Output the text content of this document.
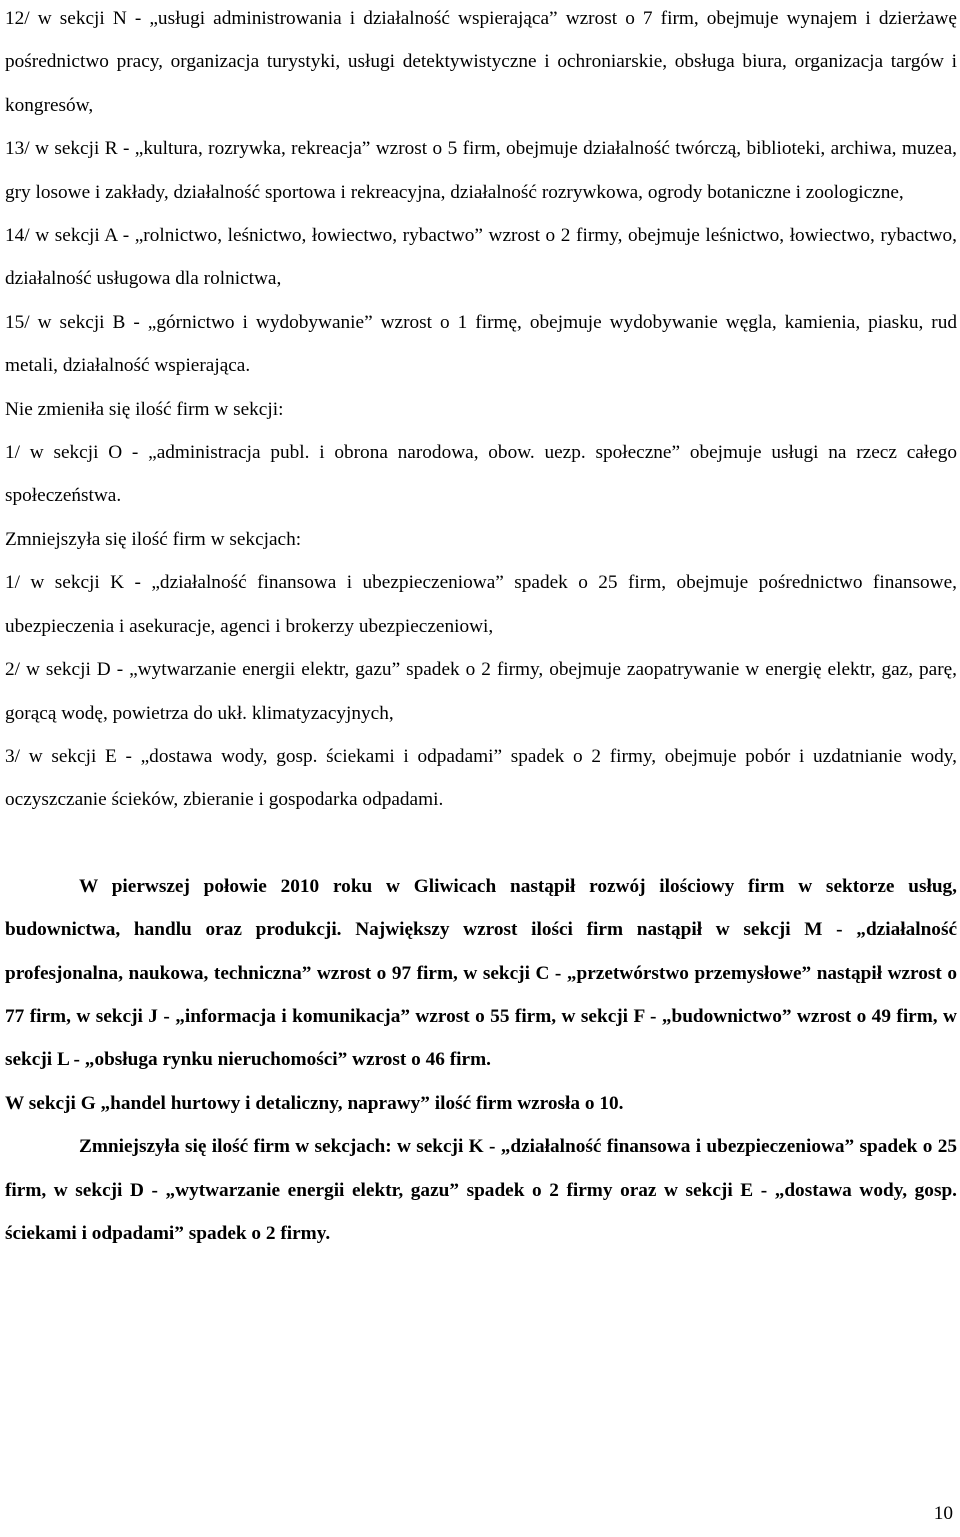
12/ w sekcji N - „usługi administrowania i działalność wspierająca” wzrost o 7 firm, obejmuje wynajem i dzierżawę pośrednictwo pracy, organizacja turystyki, usługi detektywistyczne i ochroniarskie, obsługa biura, organizacja targów i kongresów,

13/ w sekcji R - „kultura, rozrywka, rekreacja” wzrost o 5 firm, obejmuje działalność twórczą, biblioteki, archiwa, muzea, gry losowe i zakłady, działalność sportowa i rekreacyjna, działalność rozrywkowa, ogrody botaniczne i zoologiczne,

14/ w sekcji A - „rolnictwo, leśnictwo, łowiectwo, rybactwo” wzrost o 2 firmy, obejmuje leśnictwo, łowiectwo, rybactwo, działalność usługowa dla rolnictwa,

15/ w sekcji B - „górnictwo i wydobywanie” wzrost o 1 firmę, obejmuje wydobywanie węgla, kamienia, piasku, rud metali, działalność wspierająca.

Nie zmieniła się ilość firm w sekcji:

1/ w sekcji O - „administracja publ. i obrona narodowa, obow. uezp. społeczne” obejmuje usługi na rzecz całego społeczeństwa.

Zmniejszyła się ilość firm w sekcjach:

1/ w sekcji K - „działalność finansowa i ubezpieczeniowa” spadek o 25 firm, obejmuje pośrednictwo finansowe, ubezpieczenia i asekuracje, agenci i brokerzy ubezpieczeniowi,

2/ w sekcji D - „wytwarzanie energii elektr, gazu” spadek o 2 firmy, obejmuje zaopatrywanie w energię elektr, gaz, parę, gorącą wodę, powietrza do ukł. klimatyzacyjnych,

3/ w sekcji E - „dostawa wody, gosp. ściekami i odpadami” spadek o 2 firmy, obejmuje pobór i uzdatnianie wody, oczyszczanie ścieków, zbieranie i gospodarka odpadami.

W pierwszej połowie 2010 roku w Gliwicach nastąpił rozwój ilościowy firm w sektorze usług, budownictwa, handlu oraz produkcji. Największy wzrost ilości firm nastąpił w sekcji M - „działalność profesjonalna, naukowa, techniczna” wzrost o 97 firm, w sekcji C - „przetwórstwo przemysłowe” nastąpił wzrost o 77 firm, w sekcji J - „informacja i komunikacja” wzrost o 55 firm, w sekcji F - „budownictwo” wzrost o 49 firm, w sekcji L - „obsługa rynku nieruchomości” wzrost o 46 firm.

W sekcji G „handel hurtowy i detaliczny, naprawy” ilość firm wzrosła o 10.

Zmniejszyła się ilość firm w sekcjach: w sekcji K - „działalność finansowa i ubezpieczeniowa” spadek o 25 firm, w sekcji D - „wytwarzanie energii elektr, gazu” spadek o 2 firmy oraz w sekcji E - „dostawa wody, gosp. ściekami i odpadami” spadek o 2 firmy.

10
